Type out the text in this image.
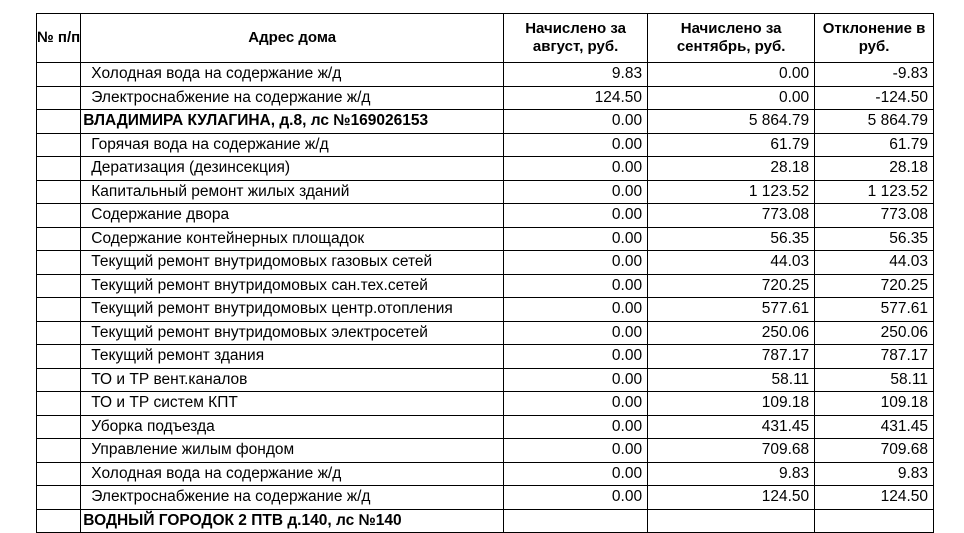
№ п/п	Адрес дома	Начислено за август, руб.	Начислено за сентябрь, руб.	Отклонение в руб.
	Холодная вода на содержание ж/д	9.83	0.00	-9.83
	Электроснабжение на содержание ж/д	124.50	0.00	-124.50
	ВЛАДИМИРА КУЛАГИНА, д.8, лс №169026153	0.00	5 864.79	5 864.79
	Горячая вода на содержание ж/д	0.00	61.79	61.79
	Дератизация (дезинсекция)	0.00	28.18	28.18
	Капитальный ремонт жилых зданий	0.00	1 123.52	1 123.52
	Содержание двора	0.00	773.08	773.08
	Содержание контейнерных площадок	0.00	56.35	56.35
	Текущий ремонт внутридомовых газовых сетей	0.00	44.03	44.03
	Текущий ремонт внутридомовых сан.тех.сетей	0.00	720.25	720.25
	Текущий ремонт внутридомовых центр.отопления	0.00	577.61	577.61
	Текущий ремонт внутридомовых электросетей	0.00	250.06	250.06
	Текущий ремонт здания	0.00	787.17	787.17
	ТО и ТР вент.каналов	0.00	58.11	58.11
	ТО и ТР систем КПТ	0.00	109.18	109.18
	Уборка подъезда	0.00	431.45	431.45
	Управление жилым фондом	0.00	709.68	709.68
	Холодная вода на содержание ж/д	0.00	9.83	9.83
	Электроснабжение на содержание ж/д	0.00	124.50	124.50
	ВОДНЫЙ ГОРОДОК 2 ПТВ д.140, лс №140			
